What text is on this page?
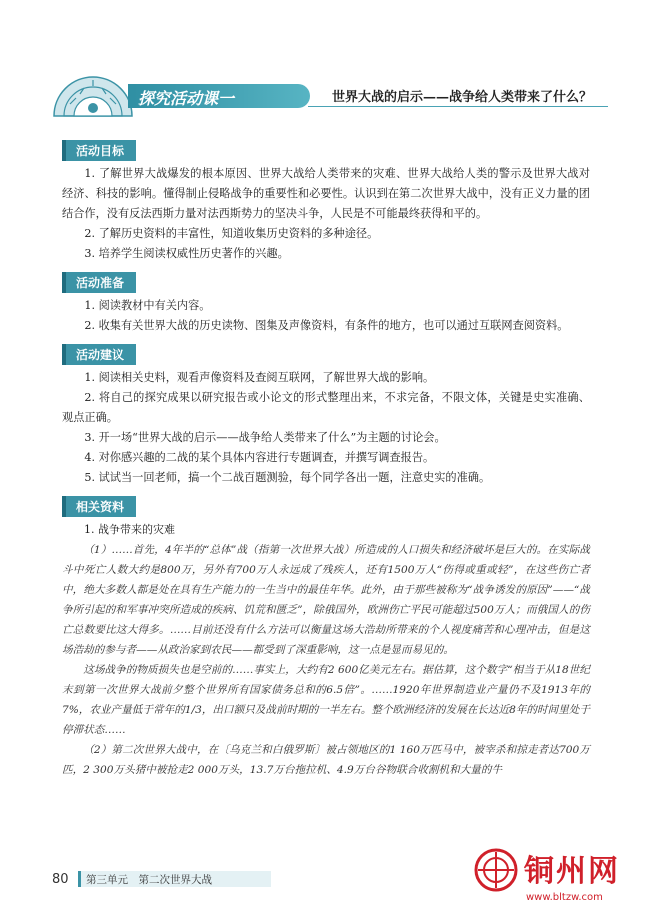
探究活动课一	世界大战的启示——战争给人类带来了什么？
活动目标

1. 了解世界大战爆发的根本原因、世界大战给人类带来的灾难、世界大战给人类的警示及世界大战对经济、科技的影响。懂得制止侵略战争的重要性和必要性。认识到在第二次世界大战中，没有正义力量的团结合作，没有反法西斯力量对法西斯势力的坚决斗争，人民是不可能最终获得和平的。

2. 了解历史资料的丰富性，知道收集历史资料的多种途径。

3. 培养学生阅读权威性历史著作的兴趣。

活动准备

1. 阅读教材中有关内容。

2. 收集有关世界大战的历史读物、图集及声像资料，有条件的地方，也可以通过互联网查阅资料。

活动建议

1. 阅读相关史料，观看声像资料及查阅互联网，了解世界大战的影响。

2. 将自己的探究成果以研究报告或小论文的形式整理出来，不求完备，不限文体，关键是史实准确、观点正确。

3. 开一场“世界大战的启示——战争给人类带来了什么”为主题的讨论会。

4. 对你感兴趣的二战的某个具体内容进行专题调查，并撰写调查报告。

5. 试试当一回老师，搞一个二战百题测验，每个同学各出一题，注意史实的准确。

相关资料

1. 战争带来的灾难

（1）……首先，4年半的“总体”战（指第一次世界大战）所造成的人口损失和经济破坏是巨大的。在实际战斗中死亡人数大约是800万，另外有700万人永远成了残疾人，还有1500万人“伤得或重或轻”，在这些伤亡者中，绝大多数人都是处在具有生产能力的一生当中的最佳年华。此外，由于那些被称为“战争诱发的原因”——“战争所引起的和军事冲突所造成的疾病、饥荒和匮乏”，除俄国外，欧洲伤亡平民可能超过500万人；而俄国人的伤亡总数要比这大得多。……目前还没有什么方法可以衡量这场大浩劫所带来的个人视度痛苦和心理冲击，但是这场浩劫的参与者——从政治家到农民——都受到了深重影响，这一点是显而易见的。

这场战争的物质损失也是空前的……事实上，大约有2 600亿美元左右。据估算，这个数字“相当于从18世纪末到第一次世界大战前夕整个世界所有国家债务总和的6.5倍”。……1920年世界制造业产量仍不及1913年的7%，农业产量低于常年的1/3，出口额只及战前时期的一半左右。整个欧洲经济的发展在长达近8年的时间里处于停滞状态……

（2）第二次世界大战中，在〔乌克兰和白俄罗斯〕被占领地区的1 160万匹马中，被宰杀和掠走者达700万匹，2 300万头猪中被抢走2 000万头，13.7万台拖拉机、4.9万台谷物联合收割机和大量的牛

80 第三单元　第二次世界大战	铜州网
www.bltzw.com
